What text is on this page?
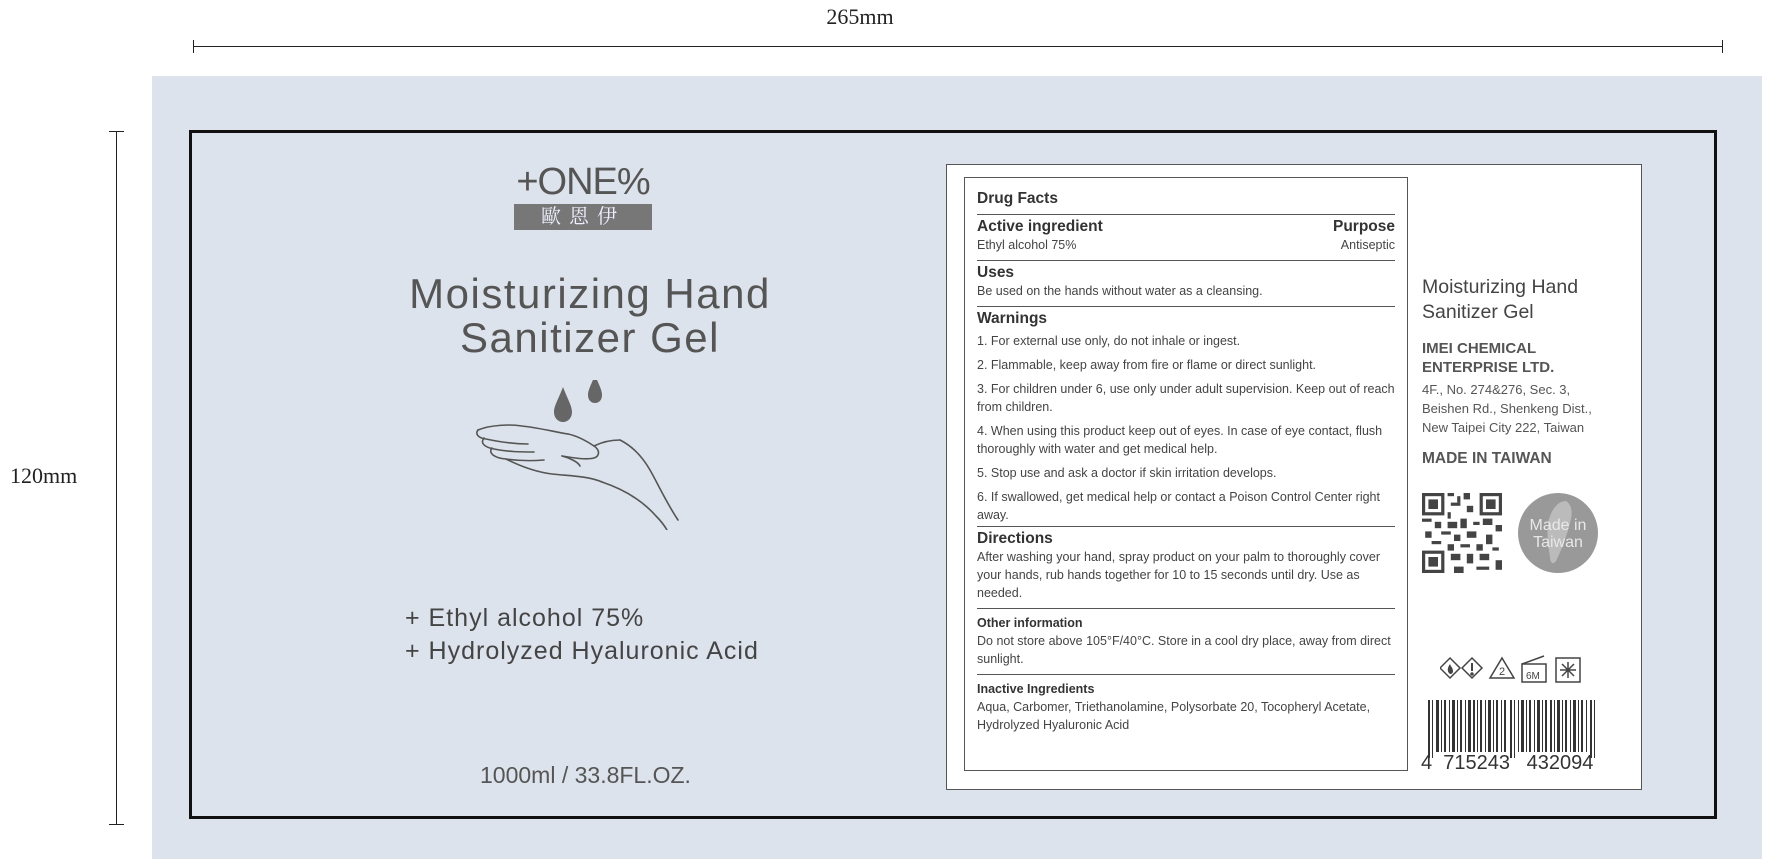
265mm
120mm
+ONE%
歐恩伊
Moisturizing Hand
Sanitizer Gel
+ Ethyl alcohol 75%
+ Hydrolyzed Hyaluronic Acid
1000ml / 33.8FL.OZ.
Drug Facts
Active ingredient	Purpose

Ethyl alcohol 75%	Antiseptic

Uses

Be used on the hands without water as a cleansing.

Warnings
1. For external use only, do not inhale or ingest.
2. Flammable, keep away from fire or flame or direct sunlight.
3. For children under 6, use only under adult supervision. Keep out of reach from children.
4. When using this product keep out of eyes. In case of eye contact, flush thoroughly with water and get medical help.
5. Stop use and ask a doctor if skin irritation develops.
6. If swallowed, get medical help or contact a Poison Control Center right away.
Directions

After washing your hand, spray product on your palm to thoroughly cover your hands, rub hands together for 10 to 15 seconds until dry. Use as needed.

Other information

Do not store above 105°F/40°C. Store in a cool dry place, away from direct sunlight.

Inactive Ingredients

Aqua, Carbomer, Triethanolamine, Polysorbate 20, Tocopheryl Acetate, Hydrolyzed Hyaluronic Acid

Moisturizing Hand
Sanitizer Gel
IMEI CHEMICAL
ENTERPRISE LTD.
4F., No. 274&276, Sec. 3,
Beishen Rd., Shenkeng Dist.,
New Taipei City 222, Taiwan
MADE IN TAIWAN
Made in
Taiwan
2 6M
4  715243   432094
